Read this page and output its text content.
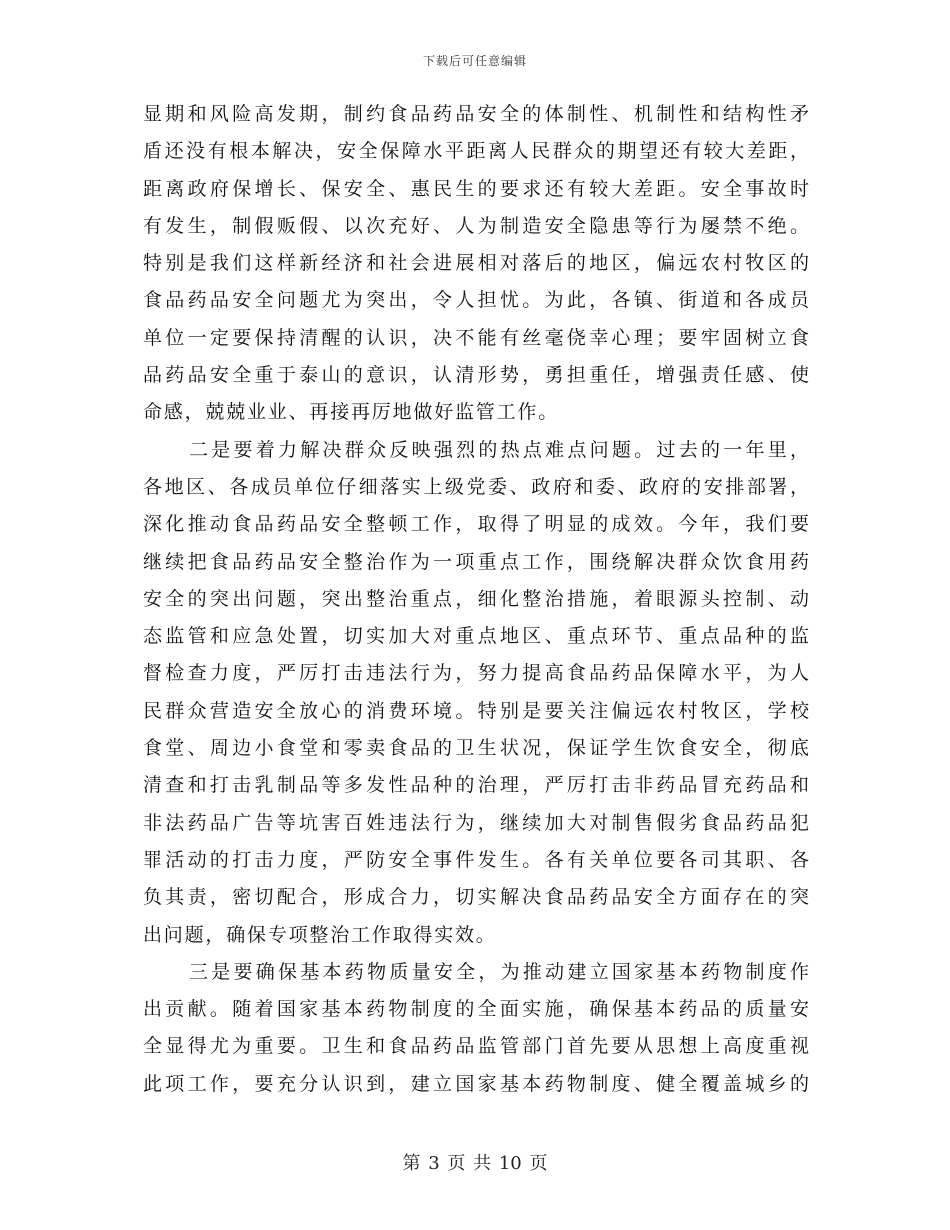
下载后可任意编辑
显期和风险高发期，制约食品药品安全的体制性、机制性和结构性矛
盾还没有根本解决，安全保障水平距离人民群众的期望还有较大差距，
距离政府保增长、保安全、惠民生的要求还有较大差距。安全事故时
有发生，制假贩假、以次充好、人为制造安全隐患等行为屡禁不绝。
特别是我们这样新经济和社会进展相对落后的地区，偏远农村牧区的
食品药品安全问题尤为突出，令人担忧。为此，各镇、街道和各成员
单位一定要保持清醒的认识，决不能有丝毫侥幸心理；要牢固树立食
品药品安全重于泰山的意识，认清形势，勇担重任，增强责任感、使
命感，兢兢业业、再接再厉地做好监管工作。
二是要着力解决群众反映强烈的热点难点问题。过去的一年里，
各地区、各成员单位仔细落实上级党委、政府和委、政府的安排部署，
深化推动食品药品安全整顿工作，取得了明显的成效。今年，我们要
继续把食品药品安全整治作为一项重点工作，围绕解决群众饮食用药
安全的突出问题，突出整治重点，细化整治措施，着眼源头控制、动
态监管和应急处置，切实加大对重点地区、重点环节、重点品种的监
督检查力度，严厉打击违法行为，努力提高食品药品保障水平，为人
民群众营造安全放心的消费环境。特别是要关注偏远农村牧区，学校
食堂、周边小食堂和零卖食品的卫生状况，保证学生饮食安全，彻底
清查和打击乳制品等多发性品种的治理，严厉打击非药品冒充药品和
非法药品广告等坑害百姓违法行为，继续加大对制售假劣食品药品犯
罪活动的打击力度，严防安全事件发生。各有关单位要各司其职、各
负其责，密切配合，形成合力，切实解决食品药品安全方面存在的突
出问题，确保专项整治工作取得实效。
三是要确保基本药物质量安全，为推动建立国家基本药物制度作
出贡献。随着国家基本药物制度的全面实施，确保基本药品的质量安
全显得尤为重要。卫生和食品药品监管部门首先要从思想上高度重视
此项工作，要充分认识到，建立国家基本药物制度、健全覆盖城乡的
第 3 页 共 10 页
